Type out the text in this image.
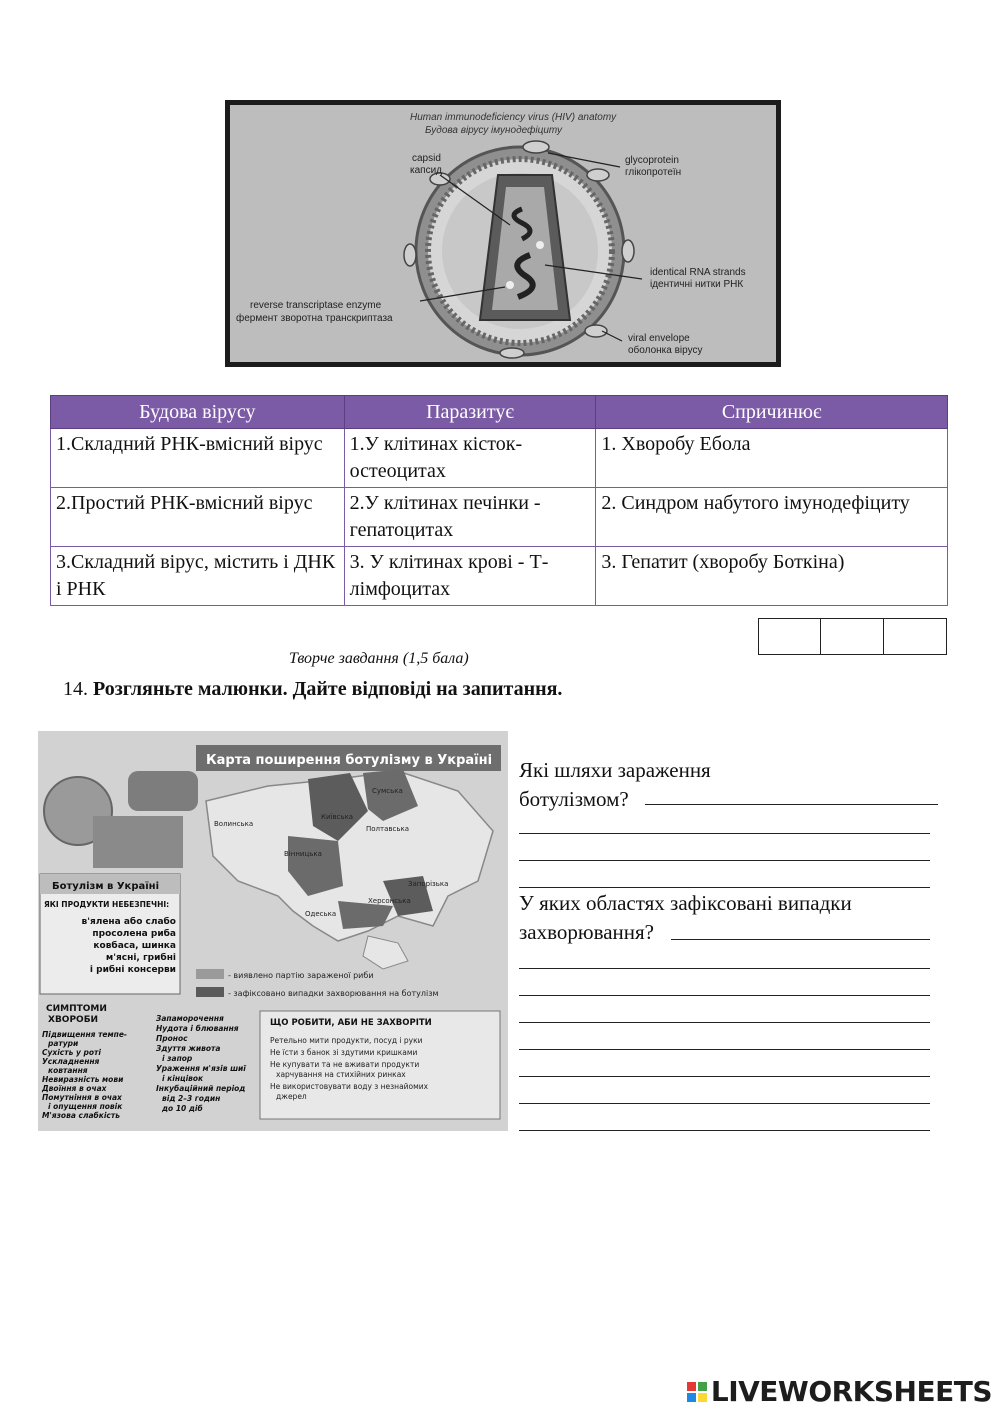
Human immunodeficiency virus (HIV) anatomy
Будова вірусу імунодефіциту
capsid
капсид
glycoprotein
глікопротеїн
identical RNA strands
ідентичні нитки РНК
reverse transcriptase enzyme
фермент зворотна транскриптаза
viral envelope
оболонка вірусу
Будова вірусу	Паразитує	Спричинює
1.Складний РНК-вмісний вірус	1.У клітинах кісток- остеоцитах	1. Хворобу Ебола
2.Простий РНК-вмісний вірус	2.У клітинах печінки - гепатоцитах	2. Синдром набутого імунодефіциту
3.Складний вірус, містить і ДНК і РНК	3. У клітинах крові - Т-лімфоцитах	3. Гепатит (хворобу Боткіна)
Творче завдання (1,5 бала)
14. Розгляньте малюнки. Дайте відповіді на запитання.
Карта поширення ботулізму в Україні
Волинська
Сумська
Київська
Полтавська
Вінницька
Запорізька
Одеська
Херсонська
Ботулізм в Україні
ЯКІ ПРОДУКТИ НЕБЕЗПЕЧНІ:
в'ялена або слабо
просолена риба
ковбаса, шинка
м'ясні, грибні
і рибні консерви
- виявлено партію зараженої риби
- зафіксовано випадки захворювання на ботулізм
СИМПТОМИ
ХВОРОБИ
Підвищення темпе-
ратури
Сухість у роті
Ускладнення
ковтання
Невиразність мови
Двоїння в очах
Помутніння в очах
і опущення повік
М'язова слабкість
Запаморочення
Нудота і блювання
Пронос
Здуття живота
і запор
Ураження м'язів шиї
і кінцівок
Інкубаційний період
від 2–3 годин
до 10 діб
ЩО РОБИТИ, АБИ НЕ ЗАХВОРІТИ
Ретельно мити продукти, посуд і руки
Не їсти з банок зі здутими кришками
Не купувати та не вживати продукти
харчування на стихійних ринках
Не використовувати воду з незнайомих
джерел
Які шляхи зараження
ботулізмом?
У яких областях зафіксовані випадки
захворювання?
LIVEWORKSHEETS
